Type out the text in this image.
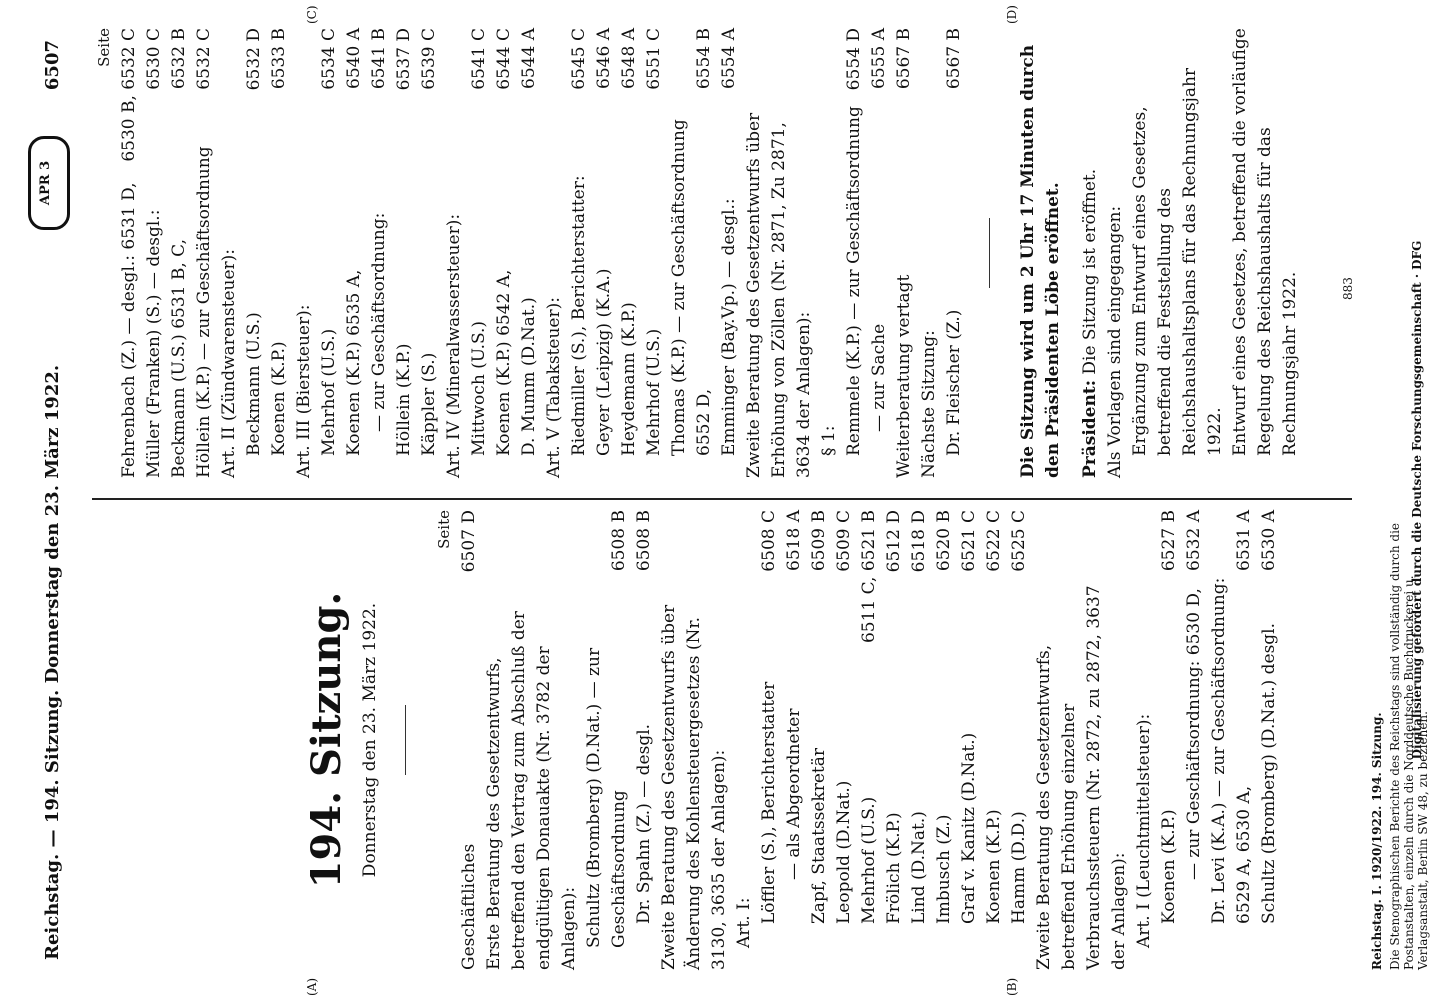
Reichstag. — 194. Sitzung. Donnerstag den 23. März 1922.
6507
APR 3
(A)	(B)
(C)	(D)
194. Sitzung. Donnerstag den 23. März 1922.
Seite
Geschäftliches
6507 D
Erste Beratung des Gesetzentwurfs, betreffend den Vertrag zum Abschluß der endgültigen Donauakte (Nr. 3782 der Anlagen): Schultz (Bromberg) (D.Nat.) — zur Geschäftsordnung
6508 B
Dr. Spahn (Z.) — desgl.
6508 B
Zweite Beratung des Gesetzentwurfs über Änderung des Kohlensteuergesetzes (Nr. 3130, 3635 der Anlagen): Art. I: Löffler (S.), Berichterstatter
6508 C
— als Abgeordneter
6518 A
Zapf, Staatssekretär
6509 B
Leopold (D.Nat.)
6509 C
Mehrhof (U.S.)
6511 C, 6521 B
Frölich (K.P.)
6512 D
Lind (D.Nat.)
6518 D
Imbusch (Z.)
6520 B
Graf v. Kanitz (D.Nat.)
6521 C
Koenen (K.P.)
6522 C
Hamm (D.D.)
6525 C
Zweite Beratung des Gesetzentwurfs, betreffend Erhöhung einzelner Verbrauchssteuern (Nr. 2872, zu 2872, 3637 der Anlagen): Art. I (Leuchtmittelsteuer): Koenen (K.P.)
6527 B
— zur Geschäftsordnung: 6530 D,
6532 A
Dr. Levi (K.A.) — zur Geschäftsordnung: 6529 A, 6530 A,
6531 A
Schultz (Bromberg) (D.Nat.) desgl.
6530 A
Seite
Fehrenbach (Z.) — desgl.: 6531 D,
6530 B, 6532 C
Müller (Franken) (S.) — desgl.:
6530 C
Beckmann (U.S.) 6531 B, C,
6532 B
Höllein (K.P.) — zur Geschäftsordnung
6532 C
Art. II (Zündwarensteuer): Beckmann (U.S.)
6532 D
Koenen (K.P.)
6533 B
Art. III (Biersteuer): Mehrhof (U.S.)
6534 C
Koenen (K.P.) 6535 A,
6540 A
— zur Geschäftsordnung:
6541 B
Höllein (K.P.)
6537 D
Käppler (S.)
6539 C
Art. IV (Mineralwassersteuer): Mittwoch (U.S.)
6541 C
Koenen (K.P.) 6542 A,
6544 C
D. Mumm (D.Nat.)
6544 A
Art. V (Tabaksteuer): Riedmiller (S.), Berichterstatter:
6545 C
Geyer (Leipzig) (K.A.)
6546 A
Heydemann (K.P.)
6548 A
Mehrhof (U.S.)
6551 C
Thomas (K.P.) — zur Geschäftsordnung 6552 D,
6554 B
Emminger (Bay.Vp.) — desgl.:
6554 A
Zweite Beratung des Gesetzentwurfs über Erhöhung von Zöllen (Nr. 2871, Zu 2871, 3634 der Anlagen): § 1: Remmele (K.P.) — zur Geschäftsordnung
6554 D
— zur Sache
6555 A
Weiterberatung vertagt
6567 B
Nächste Sitzung: Dr. Fleischer (Z.)
6567 B	Die Sitzung wird um 2 Uhr 17 Minuten durch den Präsidenten Löbe eröffnet. Präsident: Die Sitzung ist eröffnet. Als Vorlagen sind eingegangen: Ergänzung zum Entwurf eines Gesetzes, betreffend die Feststellung des Reichshaushaltsplans für das Rechnungsjahr 1922. Entwurf eines Gesetzes, betreffend die vorläufige Regelung des Reichshaushalts für das Rechnungsjahr 1922.
Reichstag. I. 1920/1922. 194. Sitzung. Die Stenographischen Berichte des Reichstags sind vollständig durch die Postanstalten, einzeln durch die Norddeutsche Buchdruckerei u. Verlagsanstalt, Berlin SW 48, zu beziehen.
883	Digitalisierung gefördert durch die Deutsche Forschungsgemeinschaft · DFG
